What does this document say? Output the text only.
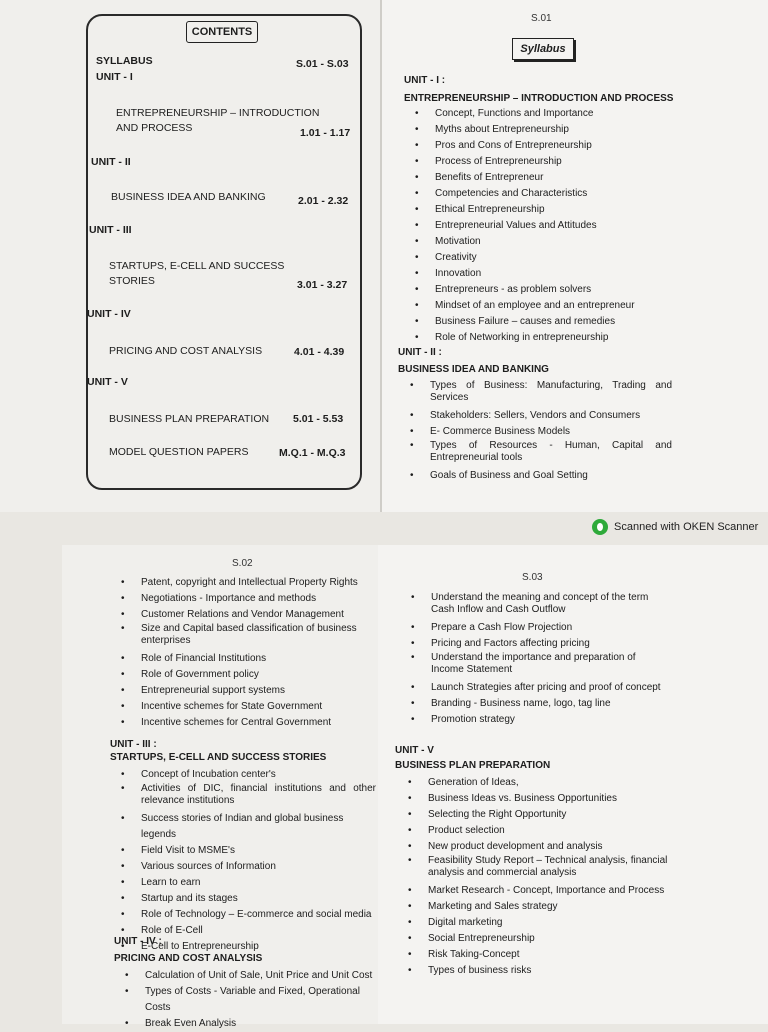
CONTENTS
SYLLABUS	S.01 - S.03
UNIT - I
ENTREPRENEURSHIP – INTRODUCTION
AND PROCESS	1.01 - 1.17
UNIT - II
BUSINESS IDEA AND BANKING	2.01 - 2.32
UNIT - III
STARTUPS, E-CELL AND SUCCESS
STORIES	3.01 - 3.27
UNIT - IV
PRICING AND COST ANALYSIS	4.01 - 4.39
UNIT - V
BUSINESS PLAN PREPARATION 5.01 - 5.53
MODEL QUESTION PAPERS	M.Q.1 - M.Q.3
S.01
Syllabus
UNIT - I :
ENTREPRENEURSHIP – INTRODUCTION AND PROCESS
• Concept, Functions and Importance
• Myths about Entrepreneurship
• Pros and Cons of Entrepreneurship
• Process of Entrepreneurship
• Benefits of Entrepreneur
• Competencies and Characteristics
• Ethical Entrepreneurship
• Entrepreneurial Values and Attitudes
• Motivation
• Creativity
• Innovation
• Entrepreneurs - as problem solvers
• Mindset of an employee and an entrepreneur
• Business Failure – causes and remedies
• Role of Networking in entrepreneurship
UNIT - II :
BUSINESS IDEA AND BANKING
• Types of Business: Manufacturing, Trading and Services
• Stakeholders: Sellers, Vendors and Consumers
• E- Commerce Business Models
• Types of Resources - Human, Capital and Entrepreneurial tools
• Goals of Business and Goal Setting
Scanned with OKEN Scanner
S.02
• Patent, copyright and Intellectual Property Rights
• Negotiations - Importance and methods
• Customer Relations and Vendor Management
• Size and Capital based classification of business enterprises
• Role of Financial Institutions
• Role of Government policy
• Entrepreneurial support systems
• Incentive schemes for State Government
• Incentive schemes for Central Government
UNIT - III :
STARTUPS, E-CELL AND SUCCESS STORIES
• Concept of Incubation center's
• Activities of DIC, financial institutions and other relevance institutions
• Success stories of Indian and global business legends
• Field Visit to MSME's
• Various sources of Information
• Learn to earn
• Startup and its stages
• Role of Technology – E-commerce and social media
• Role of E-Cell
• E-Cell to Entrepreneurship
UNIT - IV :
PRICING AND COST ANALYSIS
• Calculation of Unit of Sale, Unit Price and Unit Cost
• Types of Costs - Variable and Fixed, Operational Costs
• Break Even Analysis
S.03
• Understand the meaning and concept of the term Cash Inflow and Cash Outflow
• Prepare a Cash Flow Projection
• Pricing and Factors affecting pricing
• Understand the importance and preparation of Income Statement
• Launch Strategies after pricing and proof of concept
• Branding - Business name, logo, tag line
• Promotion strategy
UNIT - V
BUSINESS PLAN PREPARATION
• Generation of Ideas,
• Business Ideas vs. Business Opportunities
• Selecting the Right Opportunity
• Product selection
• New product development and analysis
• Feasibility Study Report – Technical analysis, financial analysis and commercial analysis
• Market Research - Concept, Importance and Process
• Marketing and Sales strategy
• Digital marketing
• Social Entrepreneurship
• Risk Taking-Concept
• Types of business risks
